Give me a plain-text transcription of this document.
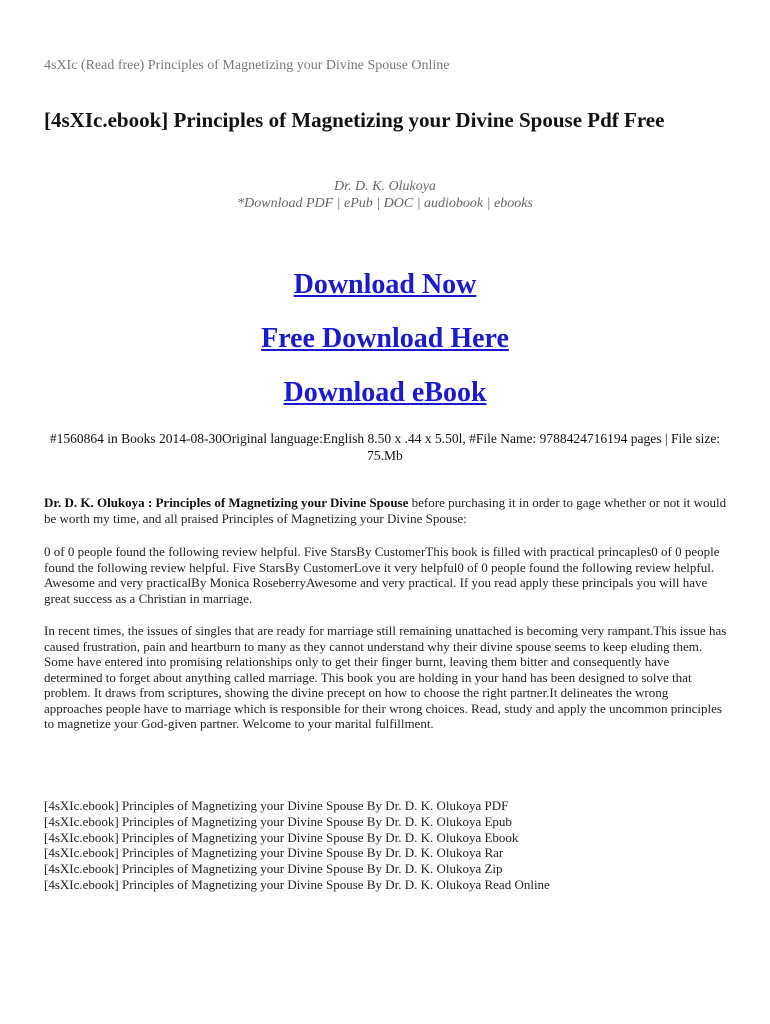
4sXIc (Read free) Principles of Magnetizing your Divine Spouse Online
[4sXIc.ebook] Principles of Magnetizing your Divine Spouse Pdf Free
Dr. D. K. Olukoya
*Download PDF | ePub | DOC | audiobook | ebooks
Download Now
Free Download Here
Download eBook
#1560864 in Books 2014-08-30Original language:English 8.50 x .44 x 5.50l, #File Name: 9788424716194 pages | File size: 75.Mb
Dr. D. K. Olukoya : Principles of Magnetizing your Divine Spouse before purchasing it in order to gage whether or not it would be worth my time, and all praised Principles of Magnetizing your Divine Spouse:
0 of 0 people found the following review helpful. Five StarsBy CustomerThis book is filled with practical princaples0 of 0 people found the following review helpful. Five StarsBy CustomerLove it very helpful0 of 0 people found the following review helpful. Awesome and very practicalBy Monica RoseberryAwesome and very practical. If you read apply these principals you will have great success as a Christian in marriage.
In recent times, the issues of singles that are ready for marriage still remaining unattached is becoming very rampant.This issue has caused frustration, pain and heartburn to many as they cannot understand why their divine spouse seems to keep eluding them. Some have entered into promising relationships only to get their finger burnt, leaving them bitter and consequently have determined to forget about anything called marriage. This book you are holding in your hand has been designed to solve that problem. It draws from scriptures, showing the divine precept on how to choose the right partner.It delineates the wrong approaches people have to marriage which is responsible for their wrong choices. Read, study and apply the uncommon principles to magnetize your God-given partner. Welcome to your marital fulfillment.
[4sXIc.ebook] Principles of Magnetizing your Divine Spouse By Dr. D. K. Olukoya PDF
[4sXIc.ebook] Principles of Magnetizing your Divine Spouse By Dr. D. K. Olukoya Epub
[4sXIc.ebook] Principles of Magnetizing your Divine Spouse By Dr. D. K. Olukoya Ebook
[4sXIc.ebook] Principles of Magnetizing your Divine Spouse By Dr. D. K. Olukoya Rar
[4sXIc.ebook] Principles of Magnetizing your Divine Spouse By Dr. D. K. Olukoya Zip
[4sXIc.ebook] Principles of Magnetizing your Divine Spouse By Dr. D. K. Olukoya Read Online
